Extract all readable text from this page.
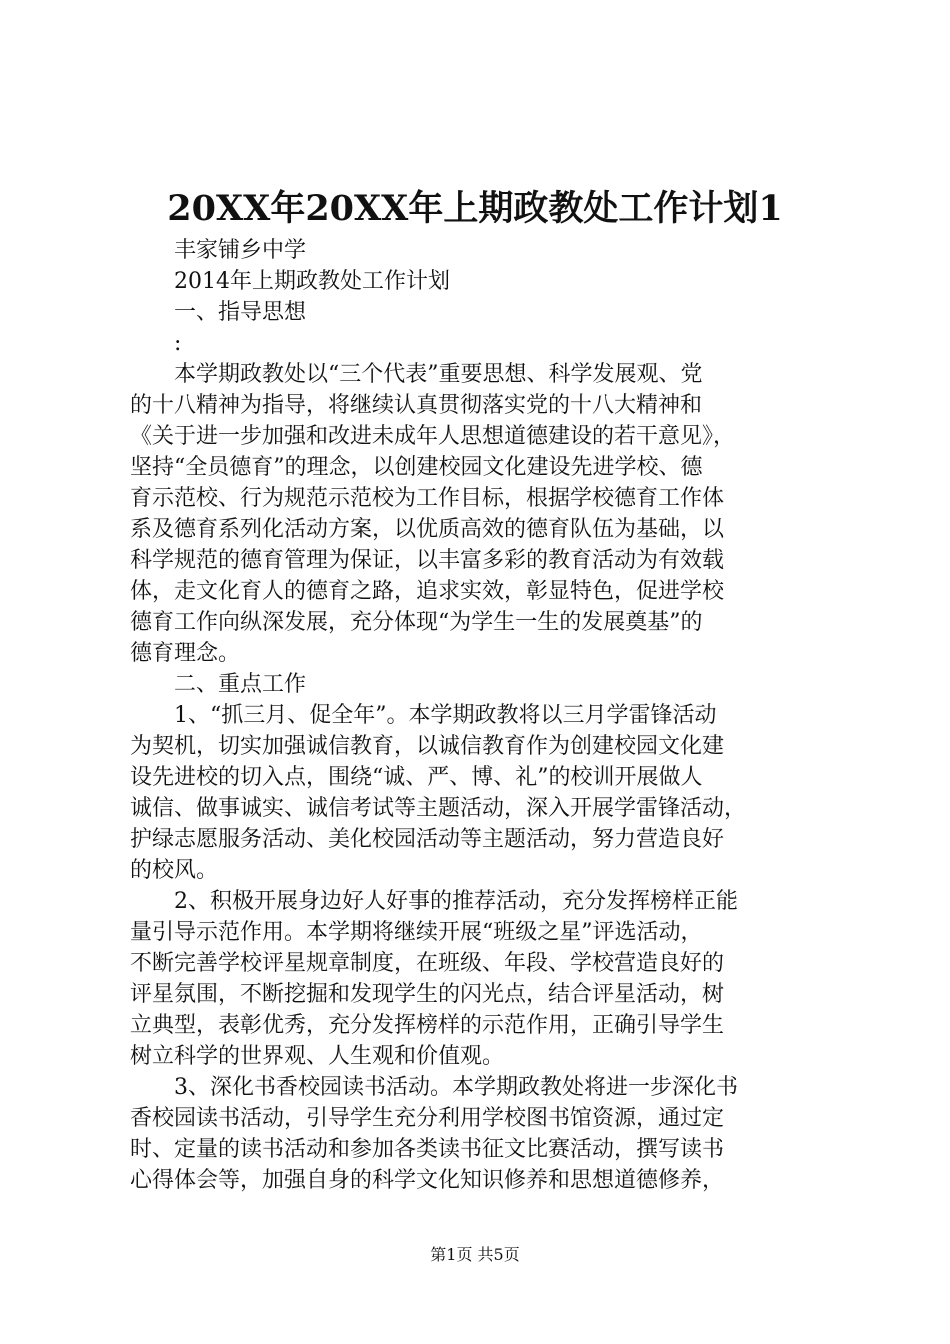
20XX年20XX年上期政教处工作计划1
　　丰家铺乡中学
　　2014年上期政教处工作计划
　　一、指导思想
　　:
　　本学期政教处以“三个代表”重要思想、科学发展观、党
的十八精神为指导，将继续认真贯彻落实党的十八大精神和
《关于进一步加强和改进未成年人思想道德建设的若干意见》，
坚持“全员德育”的理念，以创建校园文化建设先进学校、德
育示范校、行为规范示范校为工作目标，根据学校德育工作体
系及德育系列化活动方案，以优质高效的德育队伍为基础，以
科学规范的德育管理为保证，以丰富多彩的教育活动为有效载
体，走文化育人的德育之路，追求实效，彰显特色，促进学校
德育工作向纵深发展，充分体现“为学生一生的发展奠基”的
德育理念。
　　二、重点工作
　　1、“抓三月、促全年”。本学期政教将以三月学雷锋活动
为契机，切实加强诚信教育，以诚信教育作为创建校园文化建
设先进校的切入点，围绕“诚、严、博、礼”的校训开展做人
诚信、做事诚实、诚信考试等主题活动，深入开展学雷锋活动，
护绿志愿服务活动、美化校园活动等主题活动，努力营造良好
的校风。
　　2、积极开展身边好人好事的推荐活动，充分发挥榜样正能
量引导示范作用。本学期将继续开展“班级之星”评选活动，
不断完善学校评星规章制度，在班级、年段、学校营造良好的
评星氛围，不断挖掘和发现学生的闪光点，结合评星活动，树
立典型，表彰优秀，充分发挥榜样的示范作用，正确引导学生
树立科学的世界观、人生观和价值观。
　　3、深化书香校园读书活动。本学期政教处将进一步深化书
香校园读书活动，引导学生充分利用学校图书馆资源，通过定
时、定量的读书活动和参加各类读书征文比赛活动，撰写读书
心得体会等，加强自身的科学文化知识修养和思想道德修养，
第1页 共5页
